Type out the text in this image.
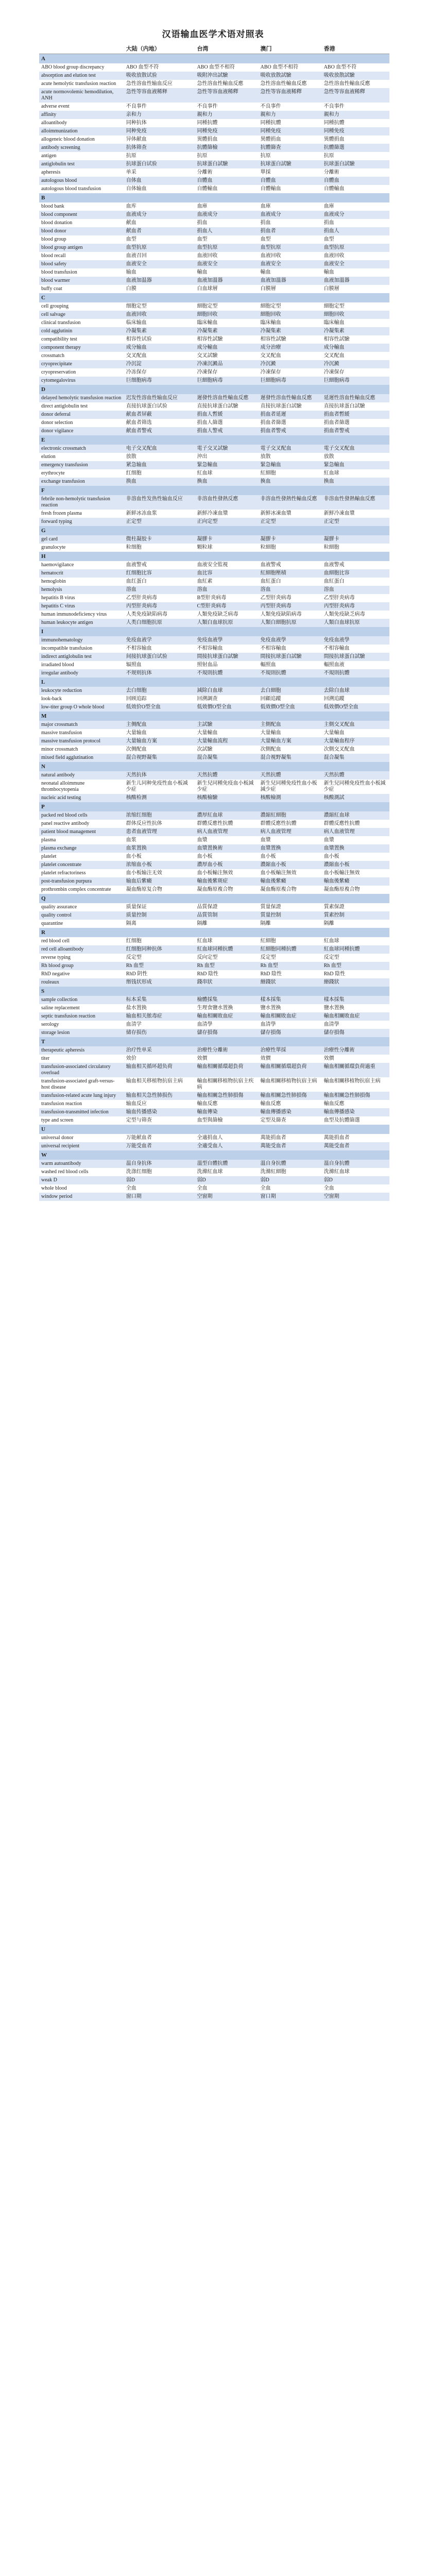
汉语输血医学术语对照表
	大陆（内地）	台湾	澳门	香港
A				
ABO blood group discrepancy	ABO 血型不符	ABO 血型不相符	ABO 血型不相符	ABO 血型不符
absorption and elution test	吸收放散试验	吸附沖出試驗	吸收放散試驗	吸收放散試驗
acute hemolytic transfusion reaction	急性溶血性输血反应	急性溶血性輸血反應	急性溶血性輸血反應	急性溶血性輸血反應
acute normovolemic hemodilution, ANH	急性等容血液稀释	急性等容血液稀釋	急性等容血液稀釋	急性等容血液稀釋
adverse event	不良事件	不良事件	不良事件	不良事件
affinity	亲和力	親和力	親和力	親和力
alloantibody	同种抗体	同種抗體	同種抗體	同種抗體
alloimmunization	同种免疫	同種免疫	同種免疫	同種免疫
allogeneic blood donation	异体献血	異體捐血	異體捐血	異體捐血
antibody screening	抗体筛查	抗體篩檢	抗體篩查	抗體篩選
antigen	抗原	抗原	抗原	抗原
antiglobulin test	抗球蛋白试验	抗球蛋白試驗	抗球蛋白試驗	抗球蛋白試驗
apheresis	单采	分離術	單採	分離術
autologous blood	自体血	自體血	自體血	自體血
autologous blood transfusion	自体输血	自體輸血	自體輸血	自體輸血
B				
blood bank	血库	血庫	血庫	血庫
blood component	血液成分	血液成分	血液成分	血液成分
blood donation	献血	捐血	捐血	捐血
blood donor	献血者	捐血人	捐血者	捐血人
blood group	血型	血型	血型	血型
blood group antigen	血型抗原	血型抗原	血型抗原	血型抗原
blood recall	血液召回	血液回收	血液回收	血液回收
blood safety	血液安全	血液安全	血液安全	血液安全
blood transfusion	输血	輸血	輸血	輸血
blood warmer	血液加温器	血液加溫器	血液加溫器	血液加溫器
buffy coat	白膜	白血球層	白膜層	白膜層
C				
cell grouping	细胞定型	細胞定型	細胞定型	細胞定型
cell salvage	血液回收	細胞回收	細胞回收	細胞回收
clinical transfusion	临床输血	臨床輸血	臨床輸血	臨床輸血
cold agglutinin	冷凝集素	冷凝集素	冷凝集素	冷凝集素
compatibility test	相容性试验	相容性試驗	相容性試驗	相容性試驗
component therapy	成分输血	成分輸血	成分治療	成分輸血
crossmatch	交叉配血	交叉試驗	交叉配血	交叉配血
cryoprecipitate	冷沉淀	冷凍沉澱品	冷沉澱	冷沉澱
cryopreservation	冷冻保存	冷凍保存	冷凍保存	冷凍保存
cytomegalovirus	巨细胞病毒	巨細胞病毒	巨細胞病毒	巨細胞病毒
D				
delayed hemolytic transfusion reaction	迟发性溶血性输血反应	遲發性溶血性輸血反應	遲發性溶血性輸血反應	延遲性溶血性輸血反應
direct antiglobulin test	直接抗球蛋白试验	直接抗球蛋白試驗	直接抗球蛋白試驗	直接抗球蛋白試驗
donor deferral	献血者屏蔽	捐血人暫緩	捐血者延遲	捐血者暫緩
donor selection	献血者筛选	捐血人篩選	捐血者篩選	捐血者篩選
donor vigilance	献血者警戒	捐血人警戒	捐血者警戒	捐血者警戒
E				
electronic crossmatch	电子交叉配血	電子交叉試驗	電子交叉配血	電子交叉配血
elution	放散	沖出	放散	放散
emergency transfusion	紧急输血	緊急輸血	緊急輸血	緊急輸血
erythrocyte	红细胞	紅血球	紅細胞	紅血球
exchange transfusion	换血	換血	換血	換血
F				
febrile non-hemolytic transfusion reaction	非溶血性发热性输血反应	非溶血性發熱反應	非溶血性發熱性輸血反應	非溶血性發熱輸血反應
fresh frozen plasma	新鲜冰冻血浆	新鮮冷凍血漿	新鮮冰凍血漿	新鮮冷凍血漿
forward typing	正定型	正向定型	正定型	正定型
G				
gel card	微柱凝胶卡	凝膠卡	凝膠卡	凝膠卡
granulocyte	粒细胞	顆粒球	粒細胞	粒細胞
H				
haemovigilance	血液警戒	血液安全監視	血液警戒	血液警戒
hematocrit	红细胞比容	血比容	紅細胞壓積	血細胞比容
hemoglobin	血红蛋白	血紅素	血紅蛋白	血紅蛋白
hemolysis	溶血	溶血	溶血	溶血
hepatitis B virus	乙型肝炎病毒	B型肝炎病毒	乙型肝炎病毒	乙型肝炎病毒
hepatitis C virus	丙型肝炎病毒	C型肝炎病毒	丙型肝炎病毒	丙型肝炎病毒
human immunodeficiency virus	人类免疫缺陷病毒	人類免疫缺乏病毒	人類免疫缺陷病毒	人類免疫缺乏病毒
human leukocyte antigen	人类白细胞抗原	人類白血球抗原	人類白細胞抗原	人類白血球抗原
I				
immunohematology	免疫血液学	免疫血液學	免疫血液學	免疫血液學
incompatible transfusion	不相容输血	不相容輸血	不相容輸血	不相容輸血
indirect antiglobulin test	间接抗球蛋白试验	間接抗球蛋白試驗	間接抗球蛋白試驗	間接抗球蛋白試驗
irradiated blood	辐照血	照射血品	輻照血	輻照血液
irregular antibody	不规则抗体	不規則抗體	不規則抗體	不規則抗體
L				
leukocyte reduction	去白细胞	減除白血球	去白細胞	去除白血球
look-back	回顾追踪	回溯調查	回顧追蹤	回溯追蹤
low-titer group O whole blood	低效价O型全血	低效價O型全血	低效價O型全血	低效價O型全血
M				
major crossmatch	主侧配血	主試驗	主側配血	主側交叉配血
massive transfusion	大量输血	大量輸血	大量輸血	大量輸血
massive transfusion protocol	大量输血方案	大量輸血流程	大量輸血方案	大量輸血程序
minor crossmatch	次侧配血	次試驗	次側配血	次側交叉配血
mixed field agglutination	混合视野凝集	混合凝集	混合視野凝集	混合凝集
N				
natural antibody	天然抗体	天然抗體	天然抗體	天然抗體
neonatal alloimmune thrombocytopenia	新生儿同种免疫性血小板减少症	新生兒同種免疫血小板減少症	新生兒同種免疫性血小板減少症	新生兒同種免疫性血小板減少症
nucleic acid testing	核酸检测	核酸檢驗	核酸檢測	核酸測試
P				
packed red blood cells	浓缩红细胞	濃厚紅血球	濃縮紅細胞	濃縮紅血球
panel reactive antibody	群体反应性抗体	群體反應性抗體	群體反應性抗體	群體反應性抗體
patient blood management	患者血液管理	病人血液管理	病人血液管理	病人血液管理
plasma	血浆	血漿	血漿	血漿
plasma exchange	血浆置换	血漿置換術	血漿置換	血漿置換
platelet	血小板	血小板	血小板	血小板
platelet concentrate	浓缩血小板	濃厚血小板	濃縮血小板	濃縮血小板
platelet refractoriness	血小板输注无效	血小板輸注無效	血小板輸注無效	血小板輸注無效
post-transfusion purpura	输血后紫癜	輸血後紫斑症	輸血後紫癜	輸血後紫癜
prothrombin complex concentrate	凝血酶原复合物	凝血酶原複合物	凝血酶原複合物	凝血酶原複合物
Q				
quality assurance	质量保证	品質保證	質量保證	質素保證
quality control	质量控制	品質管制	質量控制	質素控制
quarantine	隔离	隔離	隔離	隔離
R				
red blood cell	红细胞	紅血球	紅細胞	紅血球
red cell alloantibody	红细胞同种抗体	紅血球同種抗體	紅細胞同種抗體	紅血球同種抗體
reverse typing	反定型	反向定型	反定型	反定型
Rh blood group	Rh 血型	Rh 血型	Rh 血型	Rh 血型
RhD negative	RhD 阴性	RhD 陰性	RhD 陰性	RhD 陰性
rouleaux	缗钱状形成	錢串狀	緡錢狀	緡錢狀
S				
sample collection	标本采集	檢體採集	樣本採集	樣本採集
saline replacement	盐水置换	生理食鹽水置換	鹽水置換	鹽水置換
septic transfusion reaction	输血相关脓毒症	輸血相關敗血症	輸血相關敗血症	輸血相關敗血症
serology	血清学	血清學	血清學	血清學
storage lesion	储存损伤	儲存損傷	儲存損傷	儲存損傷
T				
therapeutic apheresis	治疗性单采	治療性分離術	治療性單採	治療性分離術
titer	效价	效價	效價	效價
transfusion-associated circulatory overload	输血相关循环超负荷	輸血相關循環超負荷	輸血相關循環超負荷	輸血相關循環負荷過重
transfusion-associated graft-versus-host disease	输血相关移植物抗宿主病	輸血相關移植物抗宿主疾病	輸血相關移植物抗宿主病	輸血相關移植物抗宿主病
transfusion-related acute lung injury	输血相关急性肺损伤	輸血相關急性肺損傷	輸血相關急性肺損傷	輸血相關急性肺損傷
transfusion reaction	输血反应	輸血反應	輸血反應	輸血反應
transfusion-transmitted infection	输血传播感染	輸血傳染	輸血傳播感染	輸血傳播感染
type and screen	定型与筛查	血型與篩檢	定型及篩查	血型及抗體篩選
U				
universal donor	万能献血者	全適捐血人	萬能捐血者	萬能捐血者
universal recipient	万能受血者	全適受血人	萬能受血者	萬能受血者
W				
warm autoantibody	温自身抗体	溫型自體抗體	溫自身抗體	溫自身抗體
washed red blood cells	洗涤红细胞	洗滌紅血球	洗滌紅細胞	洗滌紅血球
weak D	弱D	弱D	弱D	弱D
whole blood	全血	全血	全血	全血
window period	窗口期	空窗期	窗口期	空窗期
